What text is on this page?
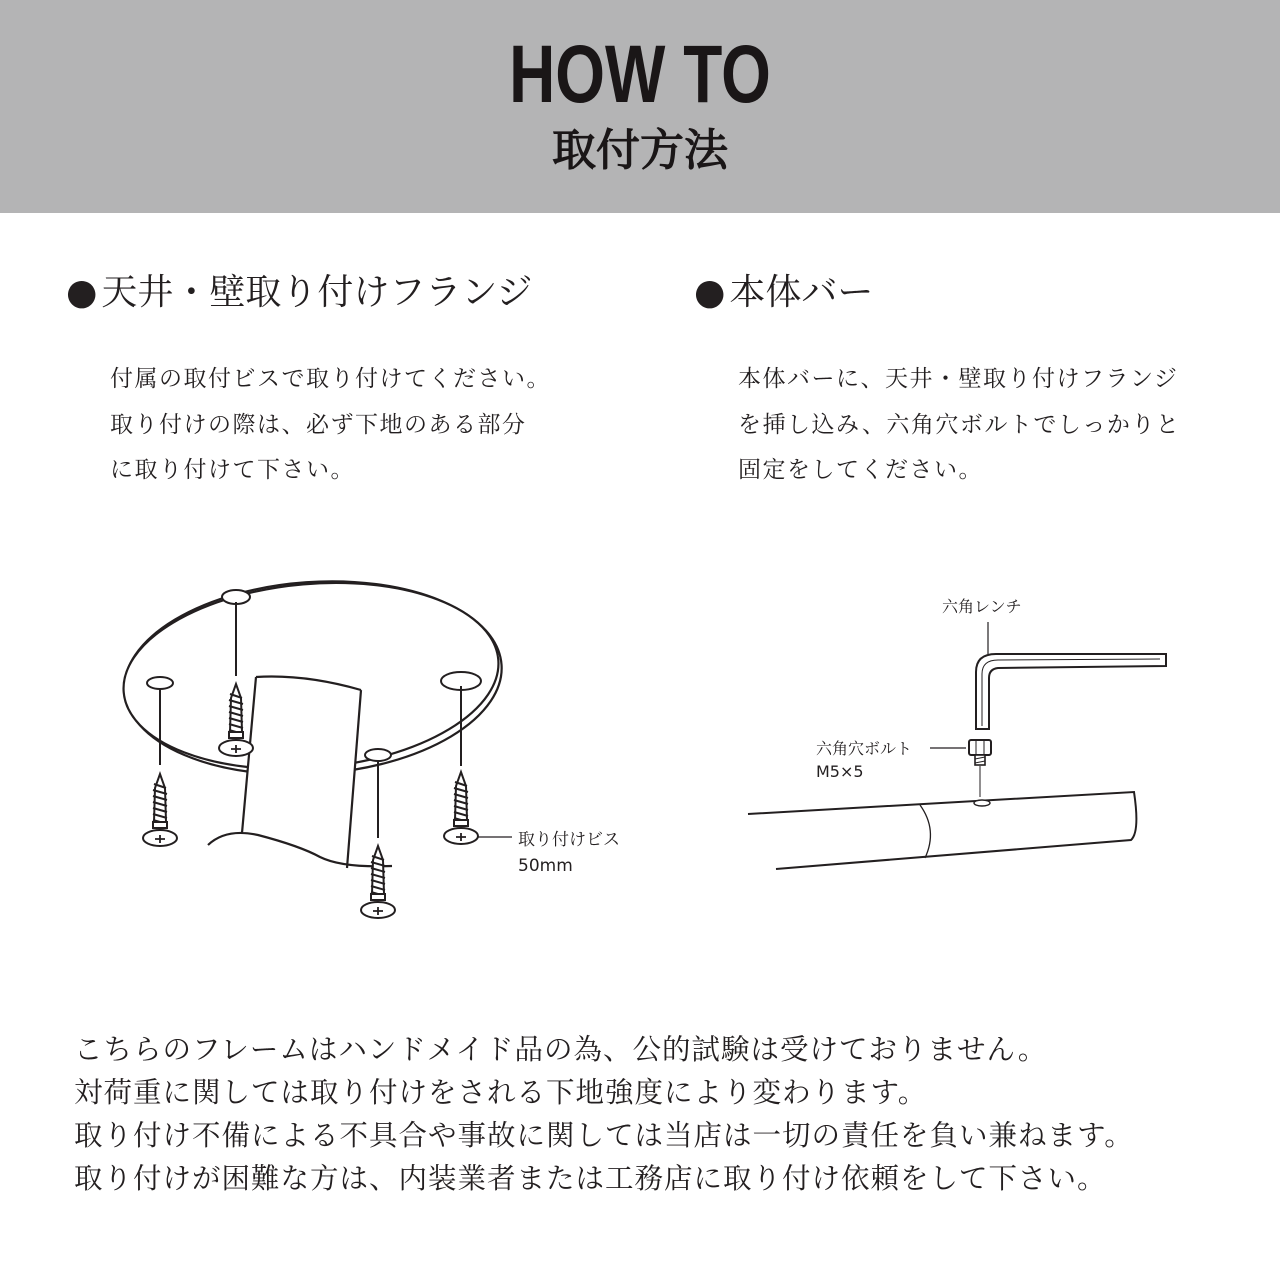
HOW TO
取付方法
● 天井・壁取り付けフランジ

付属の取付ビスで取り付けてください。

取り付けの際は、必ず下地のある部分

に取り付けて下さい。

● 本体バー

本体バーに、天井・壁取り付けフランジ

を挿し込み、六角穴ボルトでしっかりと

固定をしてください。

取り付けビス
50mm
六角レンチ
六角穴ボルト
M5×5

こちらのフレームはハンドメイド品の為、公的試験は受けておりません。

対荷重に関しては取り付けをされる下地強度により変わります。

取り付け不備による不具合や事故に関しては当店は一切の責任を負い兼ねます。

取り付けが困難な方は、内装業者または工務店に取り付け依頼をして下さい。
